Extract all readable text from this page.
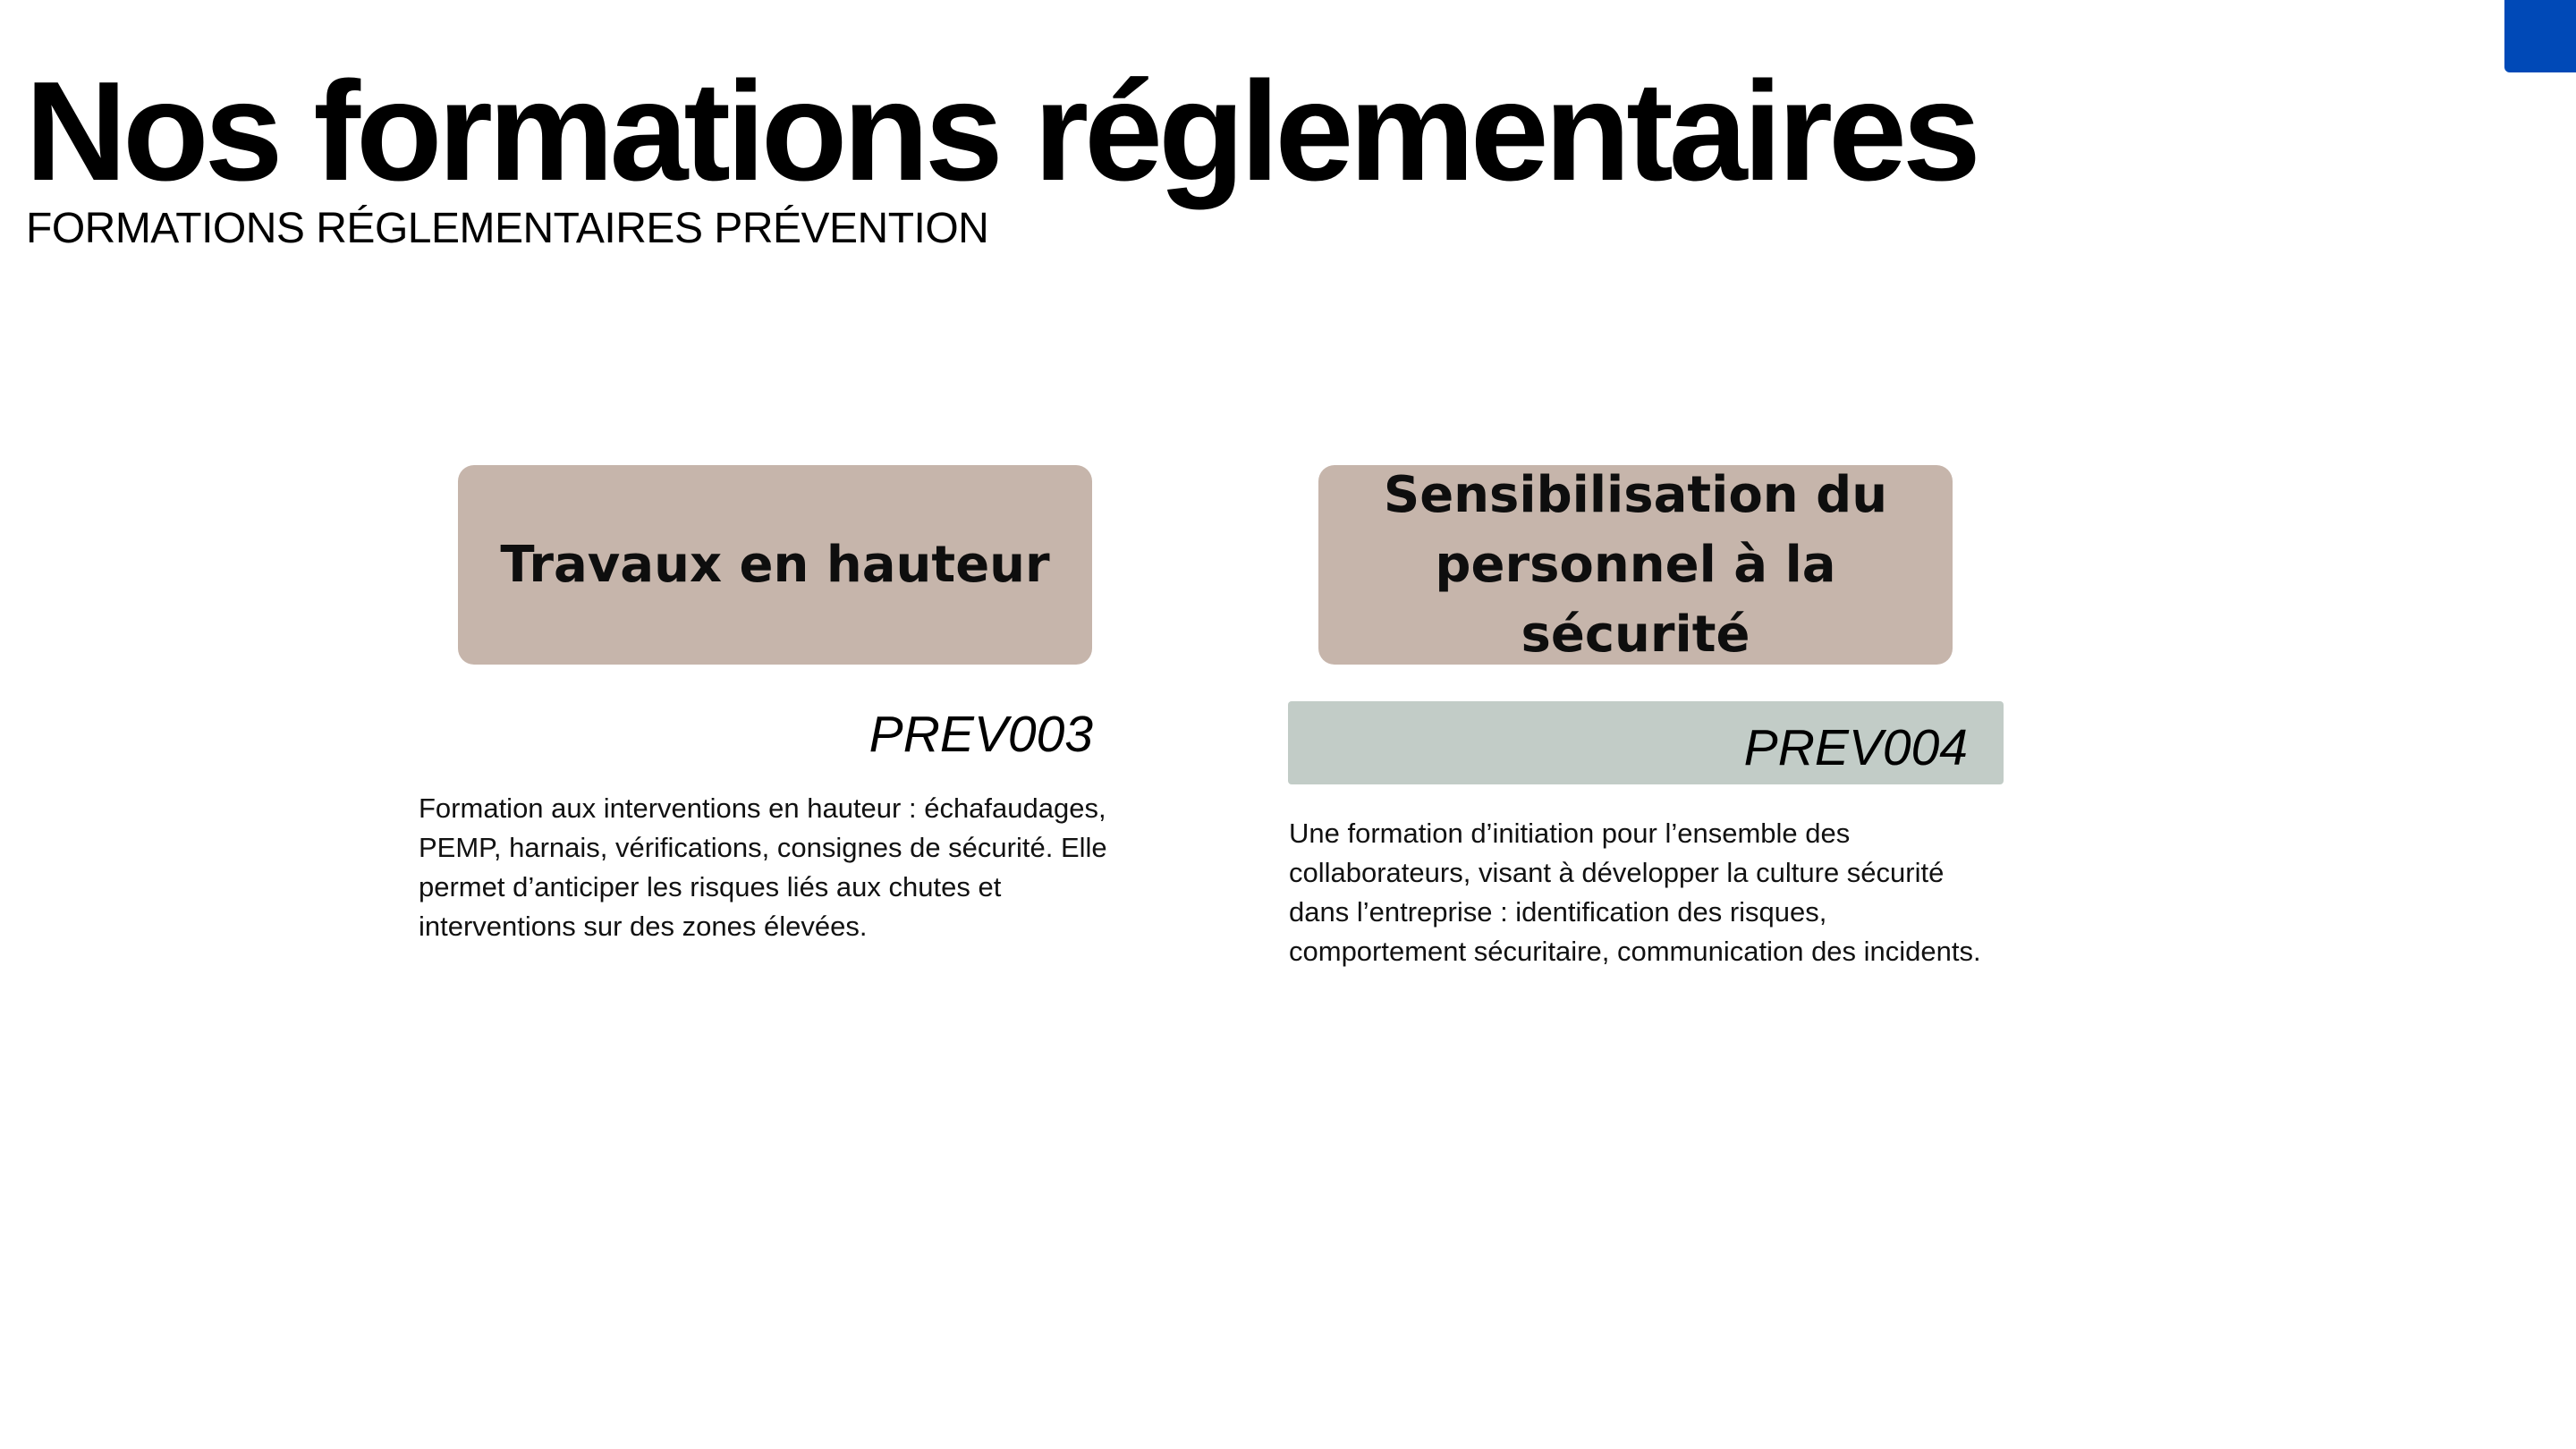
Nos formations réglementaires

FORMATIONS RÉGLEMENTAIRES PRÉVENTION

Travaux en hauteur
PREV003

Formation aux interventions en hauteur : échafaudages,
PEMP, harnais, vérifications, consignes de sécurité. Elle
permet d’anticiper les risques liés aux chutes et
interventions sur des zones élevées.

Sensibilisation du personnel à la sécurité
PREV004

Une formation d’initiation pour l’ensemble des
collaborateurs, visant à développer la culture sécurité
dans l’entreprise : identification des risques,
comportement sécuritaire, communication des incidents.
